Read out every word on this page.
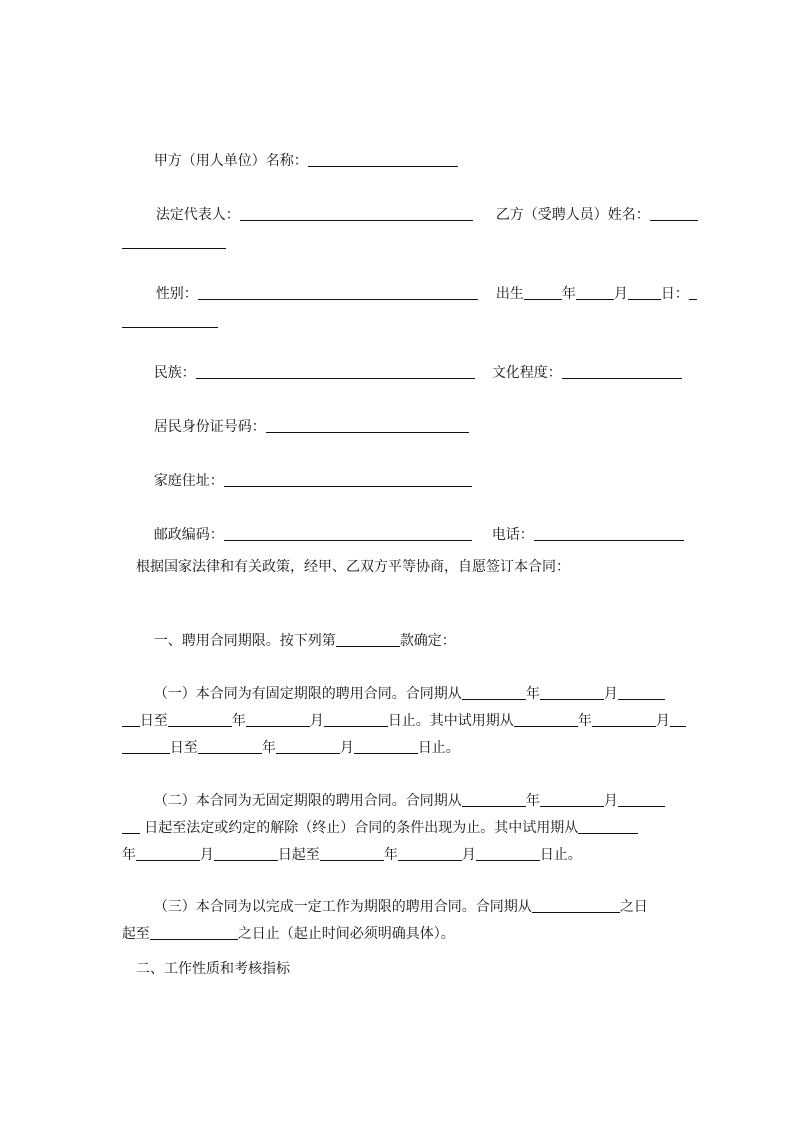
甲方（用人单位）名称：

法定代表人：
	乙方（受聘人员）姓名：

性别：
	出生	年	月 日：

民族：
	文化程度：

居民身份证号码：

家庭住址：

邮政编码：
	电话：

根据国家法律和有关政策，经甲、乙双方平等协商，自愿签订本合同：

一、聘用合同期限。按下列第	款确定：

（一）本合同为有固定期限的聘用合同。合同期从	年	月

日至	年	月	日止。其中试用期从	年	月

日至	年	月	日止。

（二）本合同为无固定期限的聘用合同。合同期从	年	月

日起至法定或约定的解除（终止）合同的条件出现为止。其中试用期从

年	月	日起至	年	月	日止。

（三）本合同为以完成一定工作为期限的聘用合同。合同期从	之日

起至	之日止（起止时间必须明确具体）。

二、工作性质和考核指标
